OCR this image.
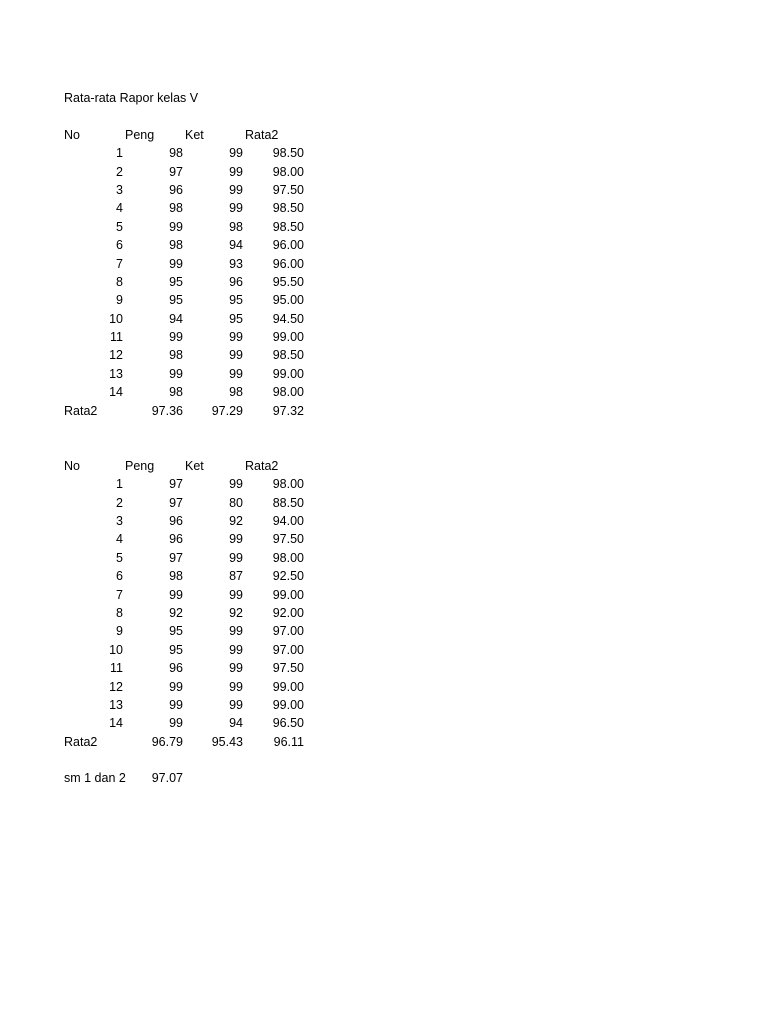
Rata-rata Rapor kelas V
No	Peng Ket	Rata2
1	98	99	98.50
2	97	99	98.00
3	96	99	97.50
4	98	99	98.50
5	99	98	98.50
6	98	94	96.00
7	99	93	96.00
8	95	96	95.50
9	95	95	95.00
10	94	95	94.50
11	99	99	99.00
12	98	99	98.50
13	99	99	99.00
14	98	98	98.00
Rata2	97.36	97.29	97.32
No	Peng Ket	Rata2
1	97	99	98.00
2	97	80	88.50
3	96	92	94.00
4	96	99	97.50
5	97	99	98.00
6	98	87	92.50
7	99	99	99.00
8	92	92	92.00
9	95	99	97.00
10	95	99	97.00
11	96	99	97.50
12	99	99	99.00
13	99	99	99.00
14	99	94	96.50
Rata2	96.79	95.43	96.11
sm 1 dan 2	97.07
